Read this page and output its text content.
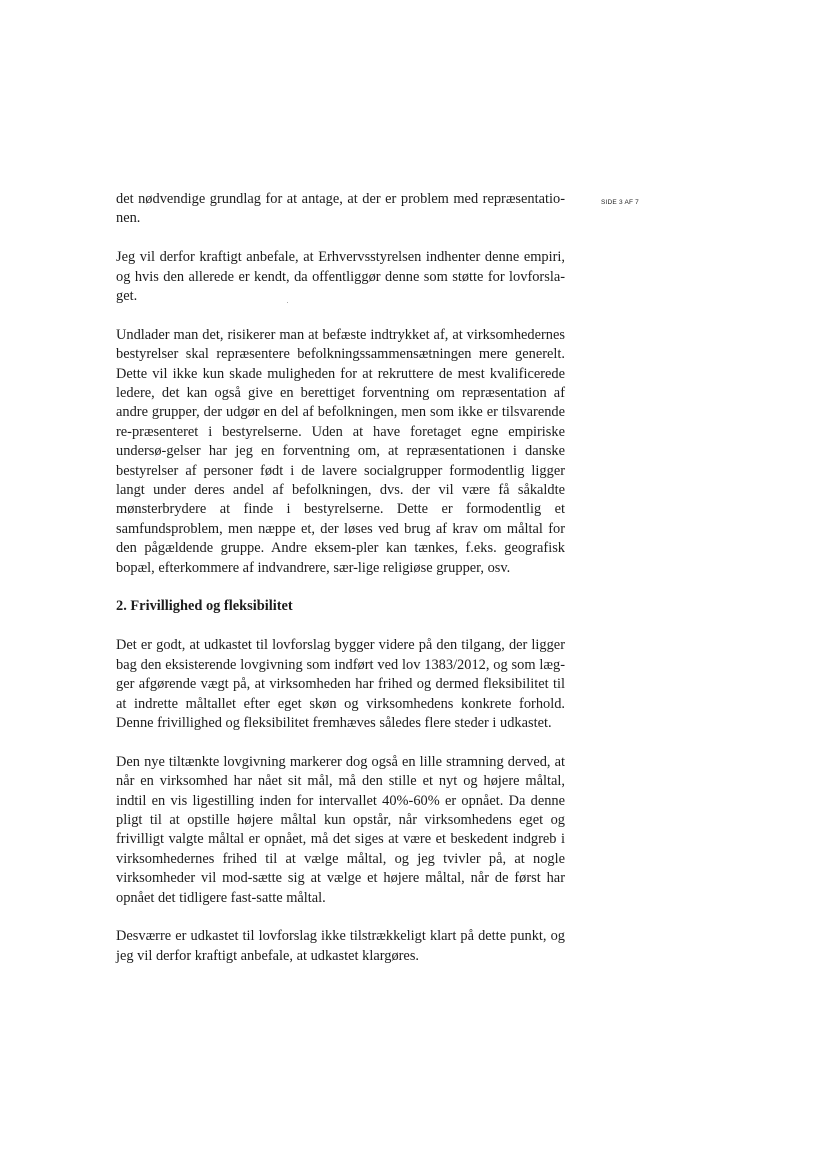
SIDE 3 AF 7

det nødvendige grundlag for at antage, at der er problem med repræsentatio-nen.

Jeg vil derfor kraftigt anbefale, at Erhvervsstyrelsen indhenter denne empiri, og hvis den allerede er kendt, da offentliggør denne som støtte for lovforsla-get.

Undlader man det, risikerer man at befæste indtrykket af, at virksomhedernes bestyrelser skal repræsentere befolkningssammensætningen mere generelt. Dette vil ikke kun skade muligheden for at rekruttere de mest kvalificerede ledere, det kan også give en berettiget forventning om repræsentation af andre grupper, der udgør en del af befolkningen, men som ikke er tilsvarende re-præsenteret i bestyrelserne. Uden at have foretaget egne empiriske undersø-gelser har jeg en forventning om, at repræsentationen i danske bestyrelser af personer født i de lavere socialgrupper formodentlig ligger langt under deres andel af befolkningen, dvs. der vil være få såkaldte mønsterbrydere at finde i bestyrelserne. Dette er formodentlig et samfundsproblem, men næppe et, der løses ved brug af krav om måltal for den pågældende gruppe. Andre eksem-pler kan tænkes, f.eks. geografisk bopæl, efterkommere af indvandrere, sær-lige religiøse grupper, osv.

2. Frivillighed og fleksibilitet

Det er godt, at udkastet til lovforslag bygger videre på den tilgang, der ligger bag den eksisterende lovgivning som indført ved lov 1383/2012, og som læg-ger afgørende vægt på, at virksomheden har frihed og dermed fleksibilitet til at indrette måltallet efter eget skøn og virksomhedens konkrete forhold. Denne frivillighed og fleksibilitet fremhæves således flere steder i udkastet.

Den nye tiltænkte lovgivning markerer dog også en lille stramning derved, at når en virksomhed har nået sit mål, må den stille et nyt og højere måltal, indtil en vis ligestilling inden for intervallet 40%-60% er opnået. Da denne pligt til at opstille højere måltal kun opstår, når virksomhedens eget og frivilligt valgte måltal er opnået, må det siges at være et beskedent indgreb i virksomhedernes frihed til at vælge måltal, og jeg tvivler på, at nogle virksomheder vil mod-sætte sig at vælge et højere måltal, når de først har opnået det tidligere fast-satte måltal.

Desværre er udkastet til lovforslag ikke tilstrækkeligt klart på dette punkt, og jeg vil derfor kraftigt anbefale, at udkastet klargøres.
